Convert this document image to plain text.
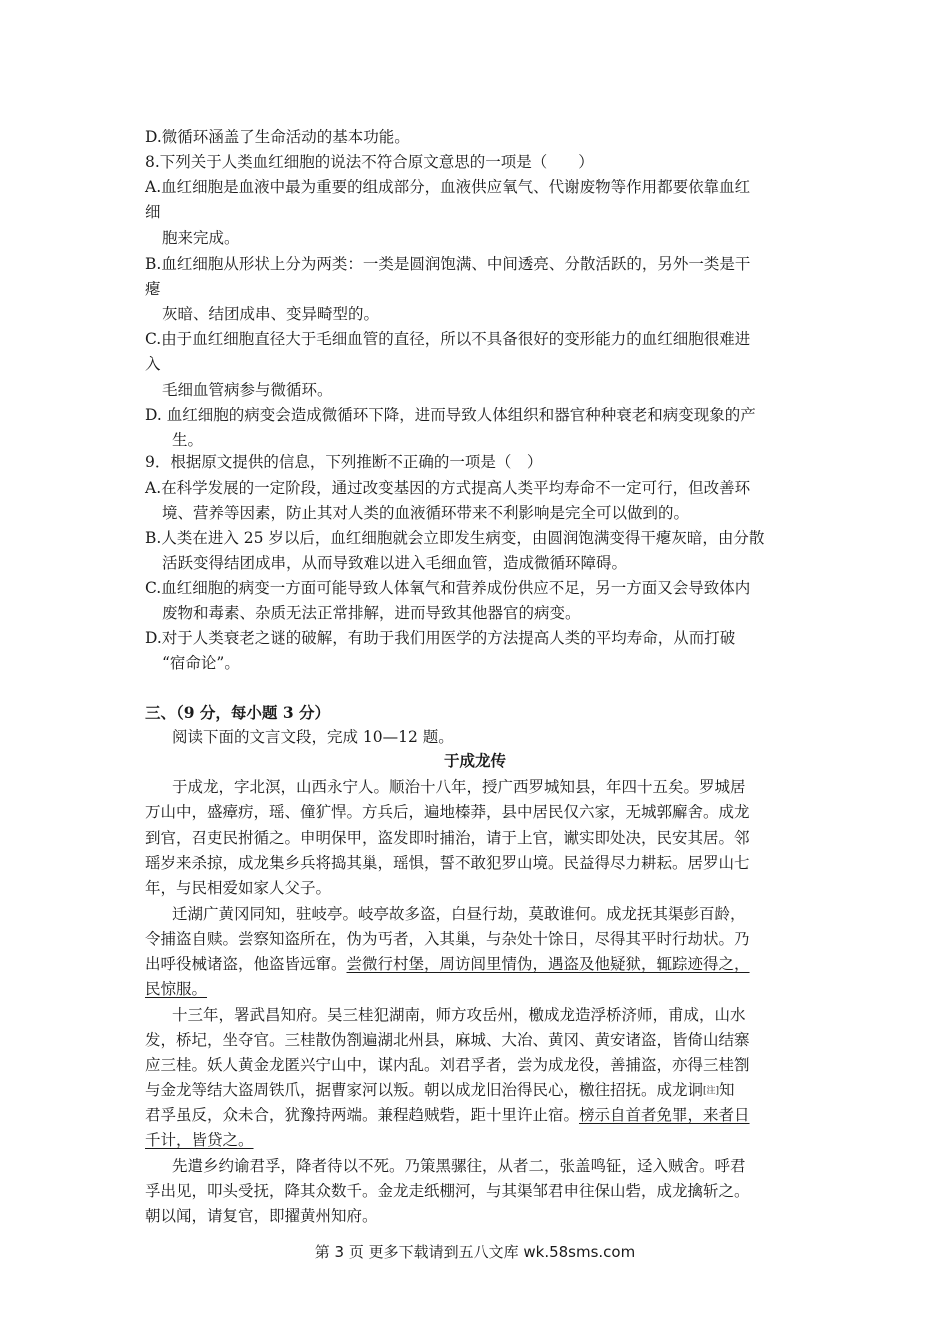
D.微循环涵盖了生命活动的基本功能。
8.下列关于人类血红细胞的说法不符合原文意思的一项是（　　）
A.血红细胞是血液中最为重要的组成部分，血液供应氧气、代谢废物等作用都要依靠血红
细
胞来完成。
B.血红细胞从形状上分为两类：一类是圆润饱满、中间透亮、分散活跃的，另外一类是干
瘪
灰暗、结团成串、变异畸型的。
C.由于血红细胞直径大于毛细血管的直径，所以不具备很好的变形能力的血红细胞很难进
入
毛细血管病参与微循环。
D. 血红细胞的病变会造成微循环下降，进而导致人体组织和器官种种衰老和病变现象的产
生。
9．根据原文提供的信息，下列推断不正确的一项是（　）
A.在科学发展的一定阶段，通过改变基因的方式提高人类平均寿命不一定可行，但改善环
境、营养等因素，防止其对人类的血液循环带来不利影响是完全可以做到的。
B.人类在进入 25 岁以后，血红细胞就会立即发生病变，由圆润饱满变得干瘪灰暗，由分散
活跃变得结团成串，从而导致难以进入毛细血管，造成微循环障碍。
C.血红细胞的病变一方面可能导致人体氧气和营养成份供应不足，另一方面又会导致体内
废物和毒素、杂质无法正常排解，进而导致其他器官的病变。
D.对于人类衰老之谜的破解，有助于我们用医学的方法提高人类的平均寿命，从而打破
“宿命论”。
三、（9 分，每小题 3 分）
阅读下面的文言文段，完成 10—12 题。
于成龙传
于成龙，字北溟，山西永宁人。顺治十八年，授广西罗城知县，年四十五矣。罗城居
万山中，盛瘴疠，瑶、僮犷悍。方兵后，遍地榛莽，县中居民仅六家，无城郭廨舍。成龙
到官，召吏民拊循之。申明保甲，盗发即时捕治，请于上官，谳实即处决，民安其居。邻
瑶岁来杀掠，成龙集乡兵将捣其巢，瑶惧，誓不敢犯罗山境。民益得尽力耕耘。居罗山七
年，与民相爱如家人父子。
迁湖广黄冈同知，驻岐亭。岐亭故多盗，白昼行劫，莫敢谁何。成龙抚其渠彭百龄，
令捕盗自赎。尝察知盗所在，伪为丐者，入其巢，与杂处十馀日，尽得其平时行劫状。乃
出呼役械诸盗，他盗皆远窜。尝微行村堡，周访闾里情伪，遇盗及他疑狱，辄踪迹得之，
民惊服。
十三年，署武昌知府。吴三桂犯湖南，师方攻岳州，檄成龙造浮桥济师，甫成，山水
发，桥圮，坐夺官。三桂散伪劄遍湖北州县，麻城、大冶、黄冈、黄安诸盗，皆倚山结寨
应三桂。妖人黄金龙匿兴宁山中，谋内乱。刘君孚者，尝为成龙役，善捕盗，亦得三桂劄
与金龙等结大盗周铁爪，据曹家河以叛。朝以成龙旧治得民心，檄往招抚。成龙诇[注]知
君孚虽反，众未合，犹豫持两端。兼程趋贼砦，距十里许止宿。榜示自首者免罪，来者日
千计，皆贷之。
先遣乡约谕君孚，降者待以不死。乃策黑骡往，从者二，张盖鸣钲，迳入贼舍。呼君
孚出见，叩头受抚，降其众数千。金龙走纸棚河，与其渠邹君申往保山砦，成龙擒斩之。
朝以闻，请复官，即擢黄州知府。
第 3 页 更多下载请到五八文库 wk.58sms.com
